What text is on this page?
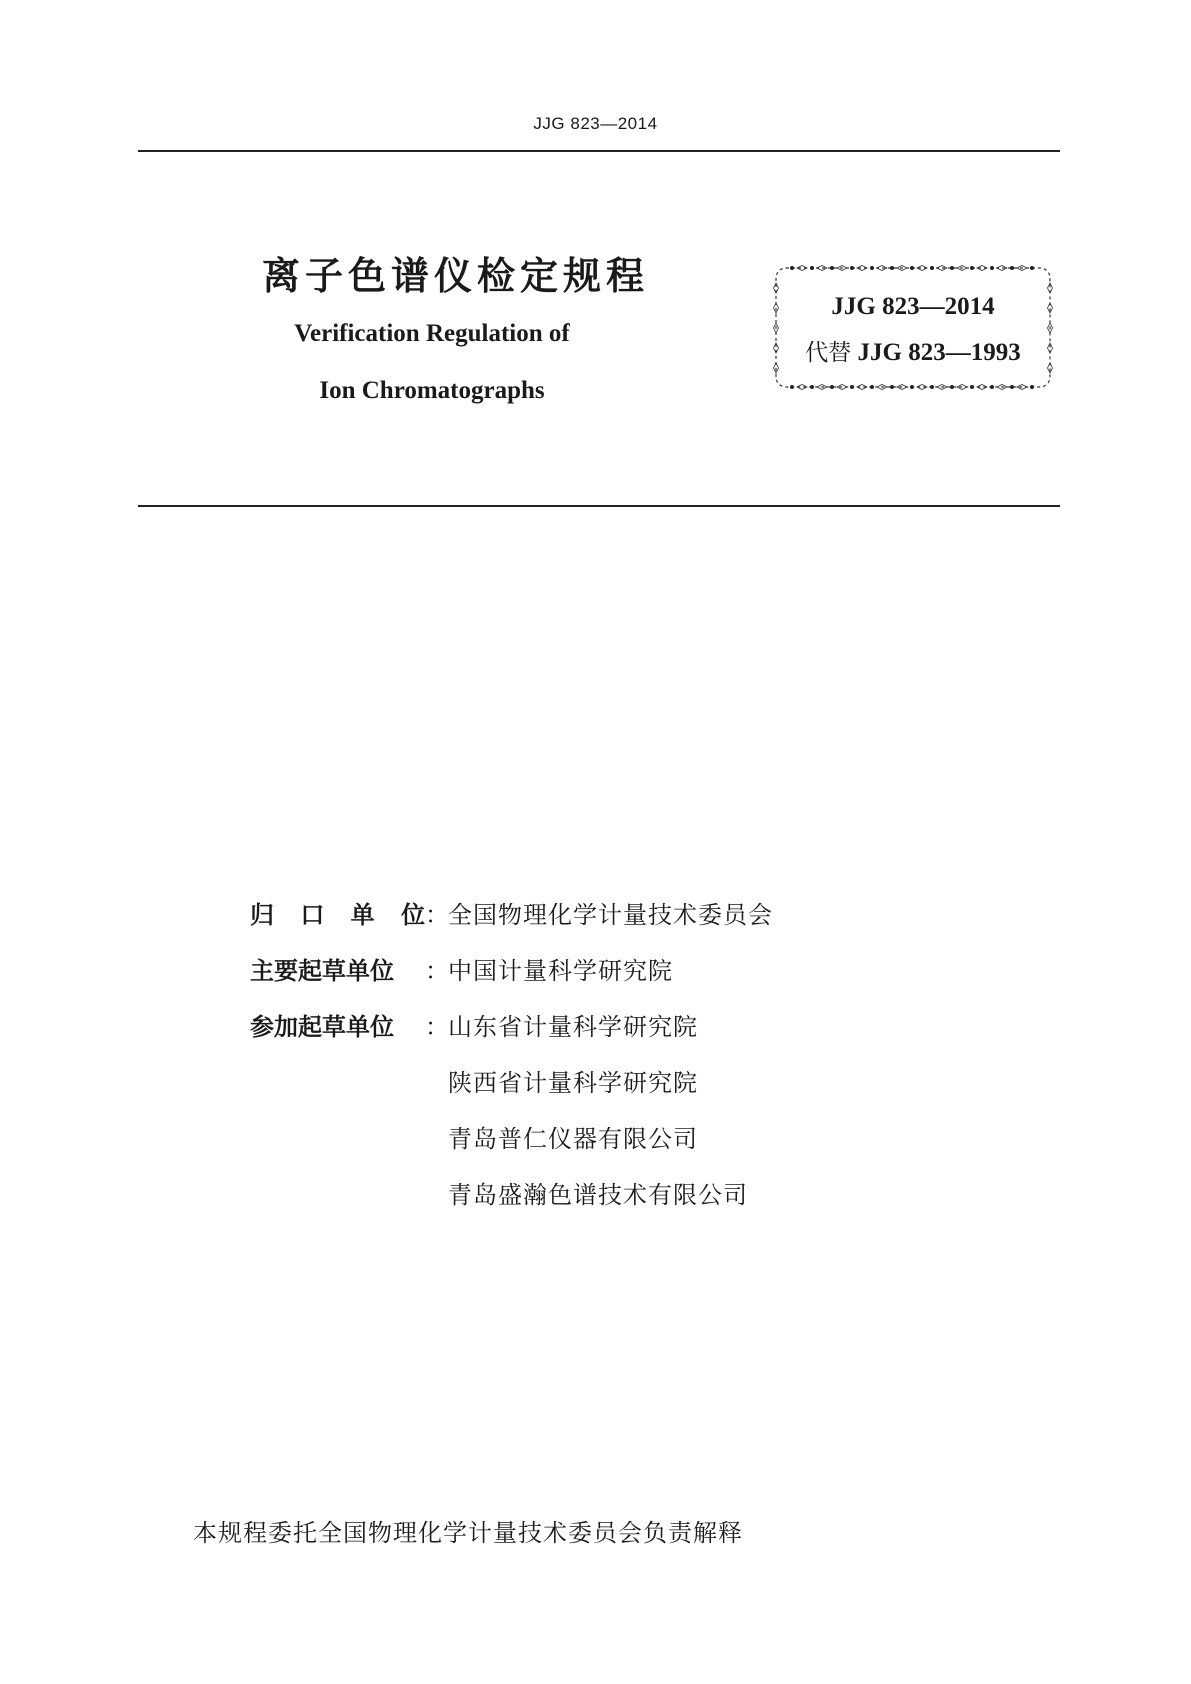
JJG 823—2014
离子色谱仪检定规程
Verification Regulation of
Ion Chromatographs
JJG 823—2014
代替 JJG 823—1993
归 口 单 位 ： 全国物理化学计量技术委员会
主要起草单位	： 中国计量科学研究院
参加起草单位	： 山东省计量科学研究院
陕西省计量科学研究院
青岛普仁仪器有限公司
青岛盛瀚色谱技术有限公司
本规程委托全国物理化学计量技术委员会负责解释
